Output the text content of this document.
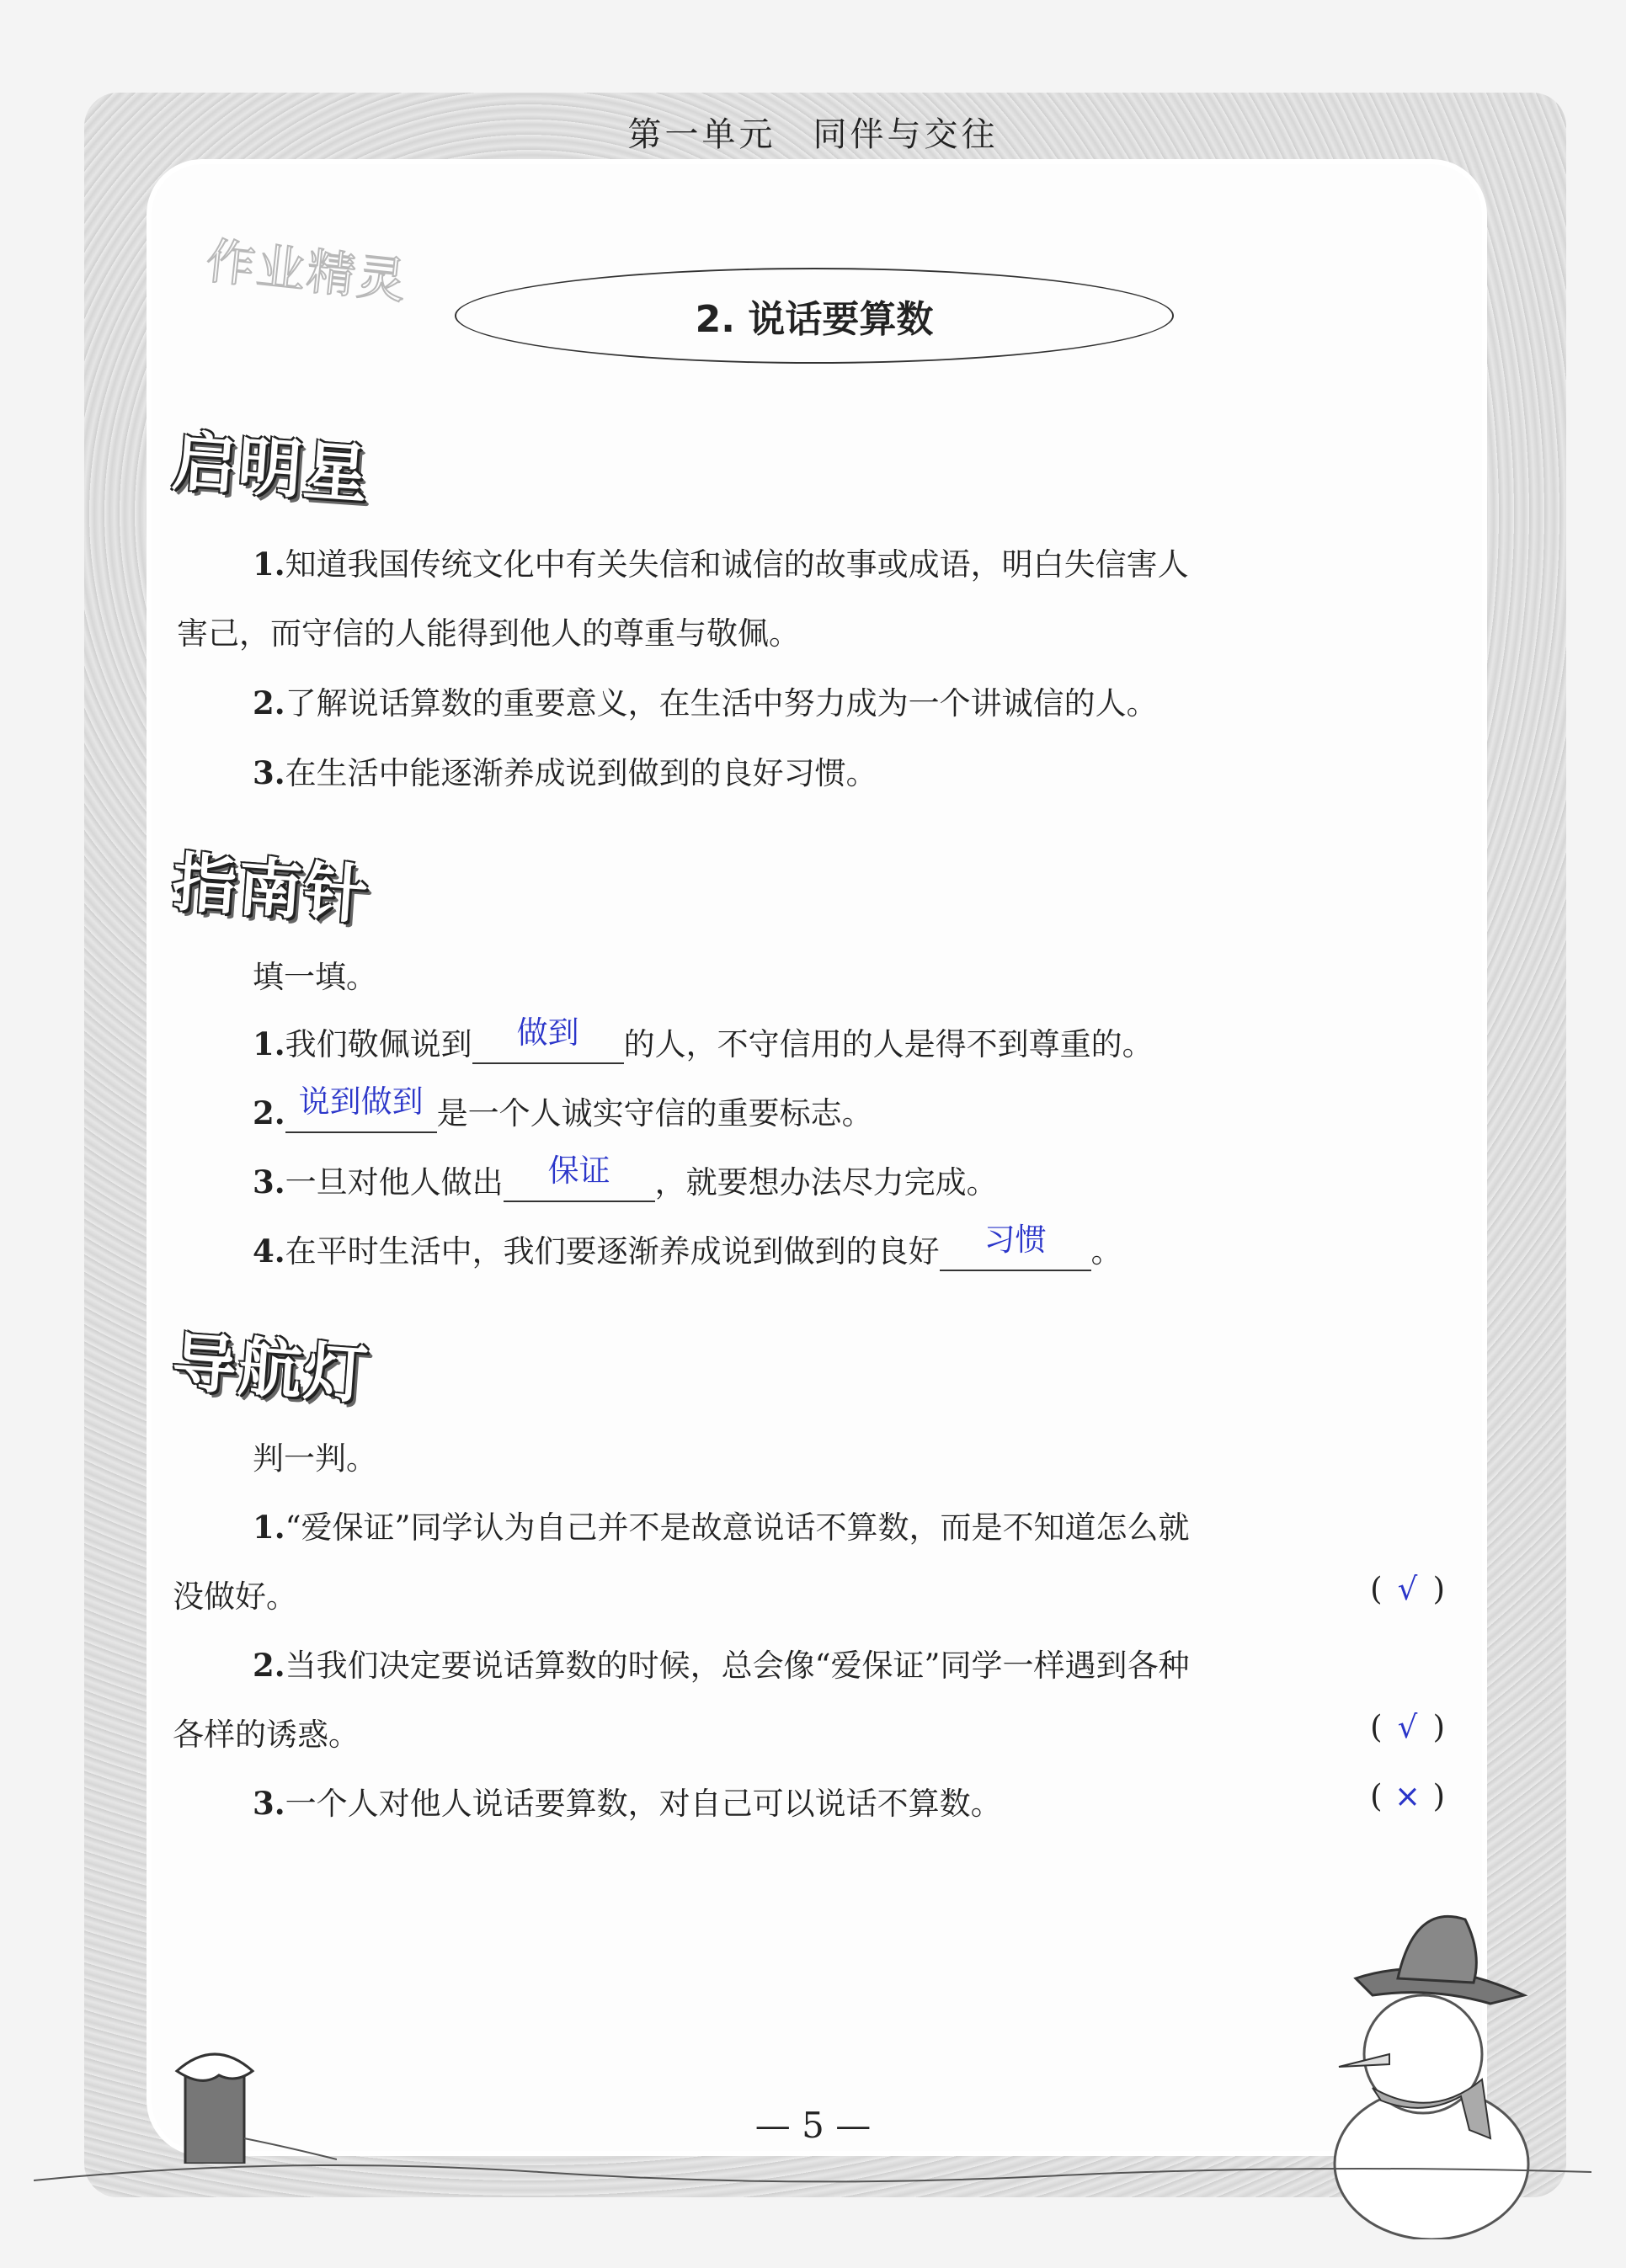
第一单元　同伴与交往
作业精灵
2. 说话要算数
启明星
1.知道我国传统文化中有关失信和诚信的故事或成语，明白失信害人
害己，而守信的人能得到他人的尊重与敬佩。
2.了解说话算数的重要意义，在生活中努力成为一个讲诚信的人。
3.在生活中能逐渐养成说到做到的良好习惯。
指南针
填一填。
1.我们敬佩说到 做到 的人，不守信用的人是得不到尊重的。
2. 说到做到 是一个人诚实守信的重要标志。
3.一旦对他人做出 保证 ，就要想办法尽力完成。
4.在平时生活中，我们要逐渐养成说到做到的良好 习惯 。
导航灯
判一判。
1.“爱保证”同学认为自己并不是故意说话不算数，而是不知道怎么就
没做好。	( √ )
2.当我们决定要说话算数的时候，总会像“爱保证”同学一样遇到各种
各样的诱惑。	( √ )
3.一个人对他人说话要算数，对自己可以说话不算数。	( × )
— 5 —
